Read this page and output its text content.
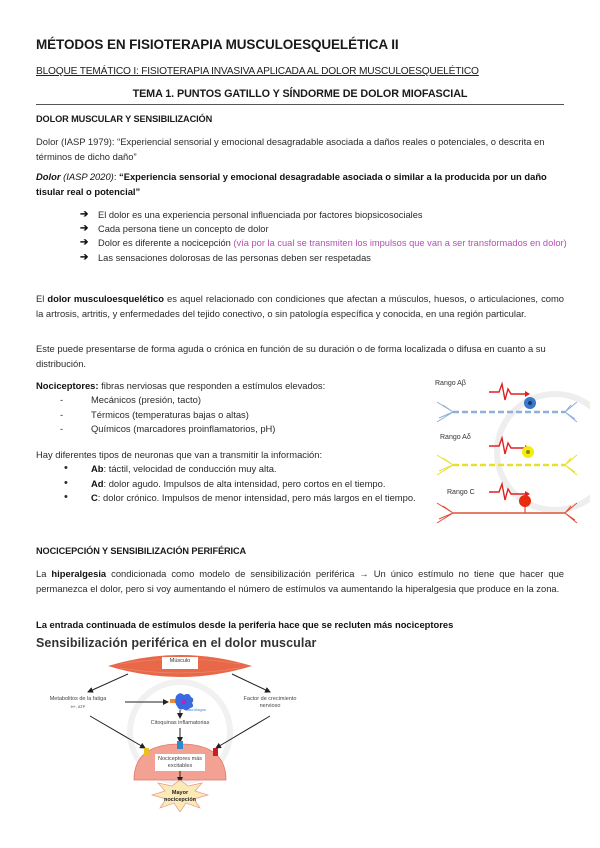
MÉTODOS EN FISIOTERAPIA MUSCULOESQUELÉTICA II
BLOQUE TEMÁTICO I: FISIOTERAPIA INVASIVA APLICADA AL DOLOR MUSCULOESQUELÉTICO
TEMA 1. PUNTOS GATILLO Y SÍNDORME DE DOLOR MIOFASCIAL
DOLOR MUSCULAR Y SENSIBILIZACIÓN
Dolor (IASP 1979): “Experiencial sensorial y emocional desagradable asociada a daños reales o potenciales, o descrita en términos de dicho daño”
Dolor (IASP 2020): “Experiencia sensorial y emocional desagradable asociada o similar a la producida por un daño tisular real o potencial”
➔ El dolor es una experiencia personal influenciada por factores biopsicosociales
➔ Cada persona tiene un concepto de dolor
➔ Dolor es diferente a nocicepción (vía por la cual se transmiten los impulsos que van a ser transformados en dolor)
➔ Las sensaciones dolorosas de las personas deben ser respetadas
El dolor musculoesquelético es aquel relacionado con condiciones que afectan a músculos, huesos, o articulaciones, como la artrosis, artritis, y enfermedades del tejido conectivo, o sin patología específica y conocida, en una región particular.
Este puede presentarse de forma aguda o crónica en función de su duración o de forma localizada o difusa en cuanto a su distribución.
Nociceptores: fibras nerviosas que responden a estímulos elevados:
-	Mecánicos (presión, tacto)
-	Térmicos (temperaturas bajas o altas)
-	Químicos (marcadores proinflamatorios, pH)
Hay diferentes tipos de neuronas que van a transmitir la información:
• Ab: táctil, velocidad de conducción muy alta.
• Ad: dolor agudo. Impulsos de alta intensidad, pero cortos en el tiempo.
• C: dolor crónico. Impulsos de menor intensidad, pero más largos en el tiempo.
Rango Aβ
Rango Aδ
Rango C
NOCICEPCIÓN Y SENSIBILIZACIÓN PERIFÉRICA
La hiperalgesia condicionada como modelo de sensibilización periférica → Un único estímulo no tiene que hacer que permanezca el dolor, pero si voy aumentando el número de estímulos va aumentando la hiperalgesia que produce en la zona.
La entrada continuada de estímulos desde la periferia hace que se recluten más nociceptores
Sensibilización periférica en el dolor muscular
Músculo
Metabolitos de la fatiga
H+, ATP
Factor de crecimiento nervioso
macrófagos
Citoquinas inflamatorias
Nociceptores más excitables
Mayor nocicepción
